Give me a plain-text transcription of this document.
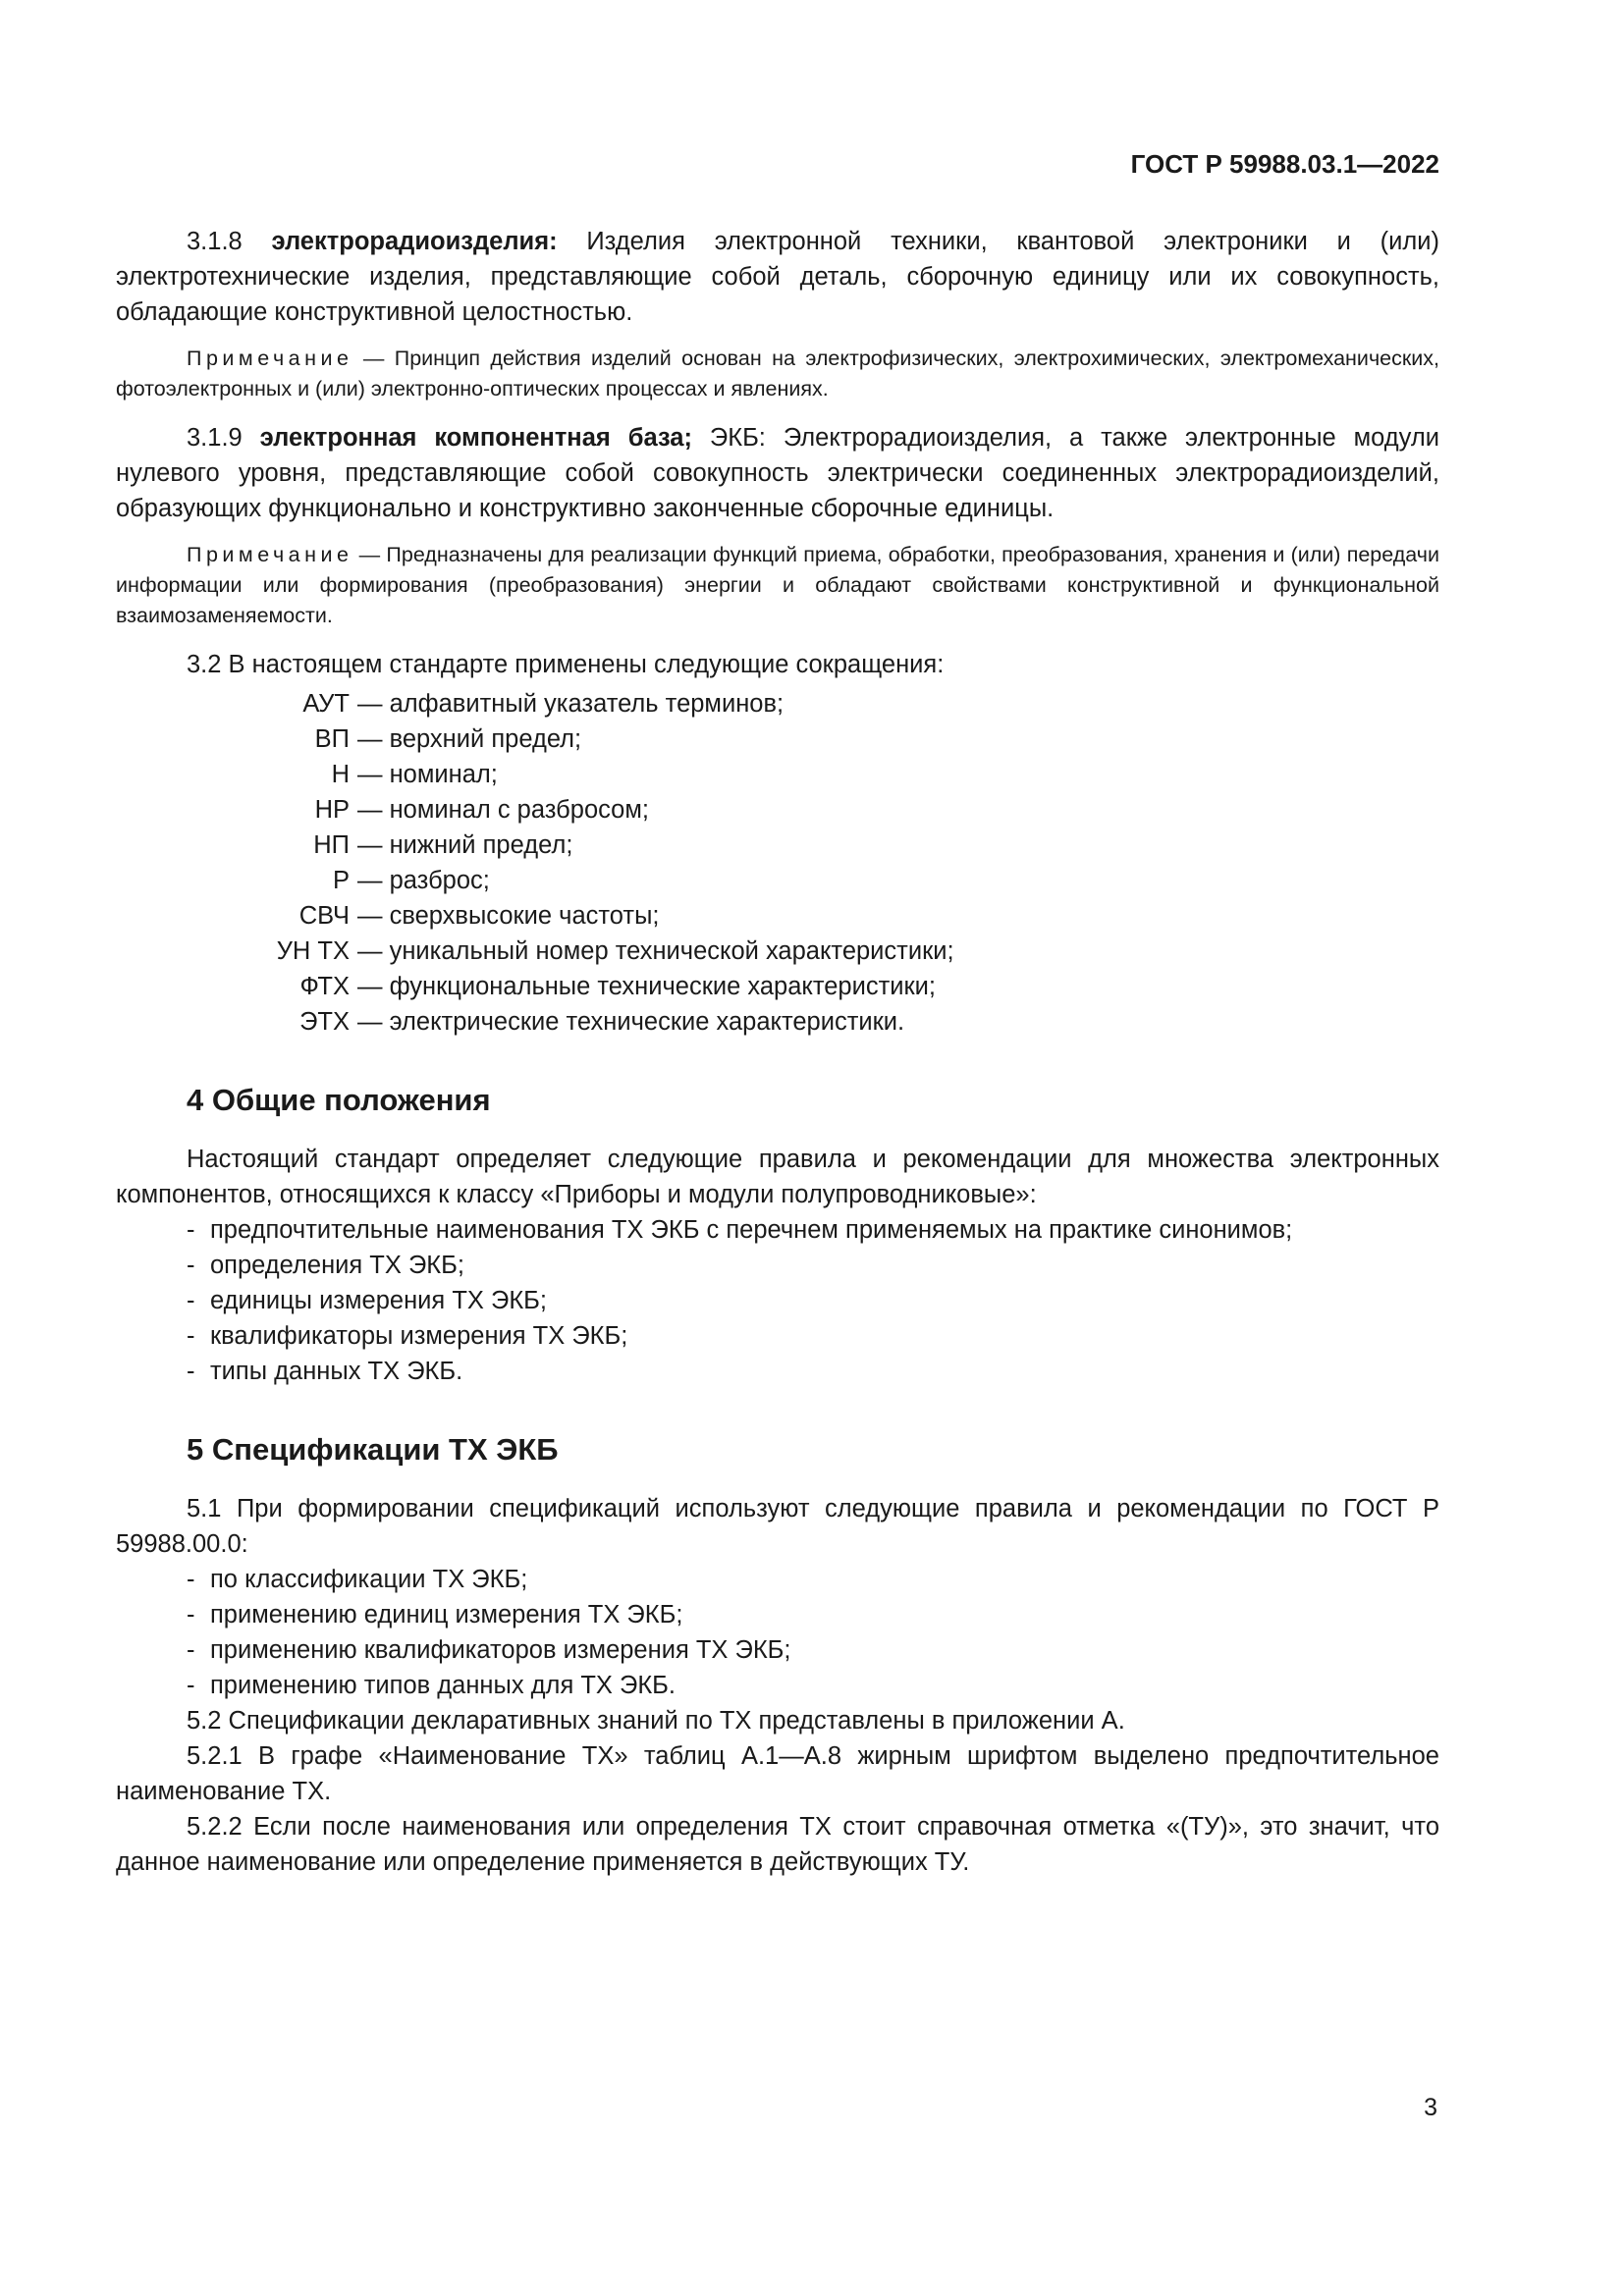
ГОСТ Р 59988.03.1—2022

3.1.8 электрорадиоизделия: Изделия электронной техники, квантовой электроники и (или) электротехнические изделия, представляющие собой деталь, сборочную единицу или их совокупность, обладающие конструктивной целостностью.

Примечание — Принцип действия изделий основан на электрофизических, электрохимических, электромеханических, фотоэлектронных и (или) электронно-оптических процессах и явлениях.

3.1.9 электронная компонентная база; ЭКБ: Электрорадиоизделия, а также электронные модули нулевого уровня, представляющие собой совокупность электрически соединенных электрорадиоизделий, образующих функционально и конструктивно законченные сборочные единицы.

Примечание — Предназначены для реализации функций приема, обработки, преобразования, хранения и (или) передачи информации или формирования (преобразования) энергии и обладают свойствами конструктивной и функциональной взаимозаменяемости.

3.2 В настоящем стандарте применены следующие сокращения:

АУТ — алфавитный указатель терминов;
ВП — верхний предел;
Н — номинал;
НР — номинал с разбросом;
НП — нижний предел;
Р — разброс;
СВЧ — сверхвысокие частоты;
УН ТХ — уникальный номер технической характеристики;
ФТХ — функциональные технические характеристики;
ЭТХ — электрические технические характеристики.
4 Общие положения

Настоящий стандарт определяет следующие правила и рекомендации для множества электронных компонентов, относящихся к классу «Приборы и модули полупроводниковые»:

- предпочтительные наименования ТХ ЭКБ с перечнем применяемых на практике синонимов;
- определения ТХ ЭКБ;
- единицы измерения ТХ ЭКБ;
- квалификаторы измерения ТХ ЭКБ;
- типы данных ТХ ЭКБ.
5 Спецификации ТХ ЭКБ

5.1 При формировании спецификаций используют следующие правила и рекомендации по ГОСТ Р 59988.00.0:

- по классификации ТХ ЭКБ;
- применению единиц измерения ТХ ЭКБ;
- применению квалификаторов измерения ТХ ЭКБ;
- применению типов данных для ТХ ЭКБ.

5.2 Спецификации декларативных знаний по ТХ представлены в приложении А.

5.2.1 В графе «Наименование ТХ» таблиц А.1—А.8 жирным шрифтом выделено предпочтительное наименование ТХ.

5.2.2 Если после наименования или определения ТХ стоит справочная отметка «(ТУ)», это значит, что данное наименование или определение применяется в действующих ТУ.

3
